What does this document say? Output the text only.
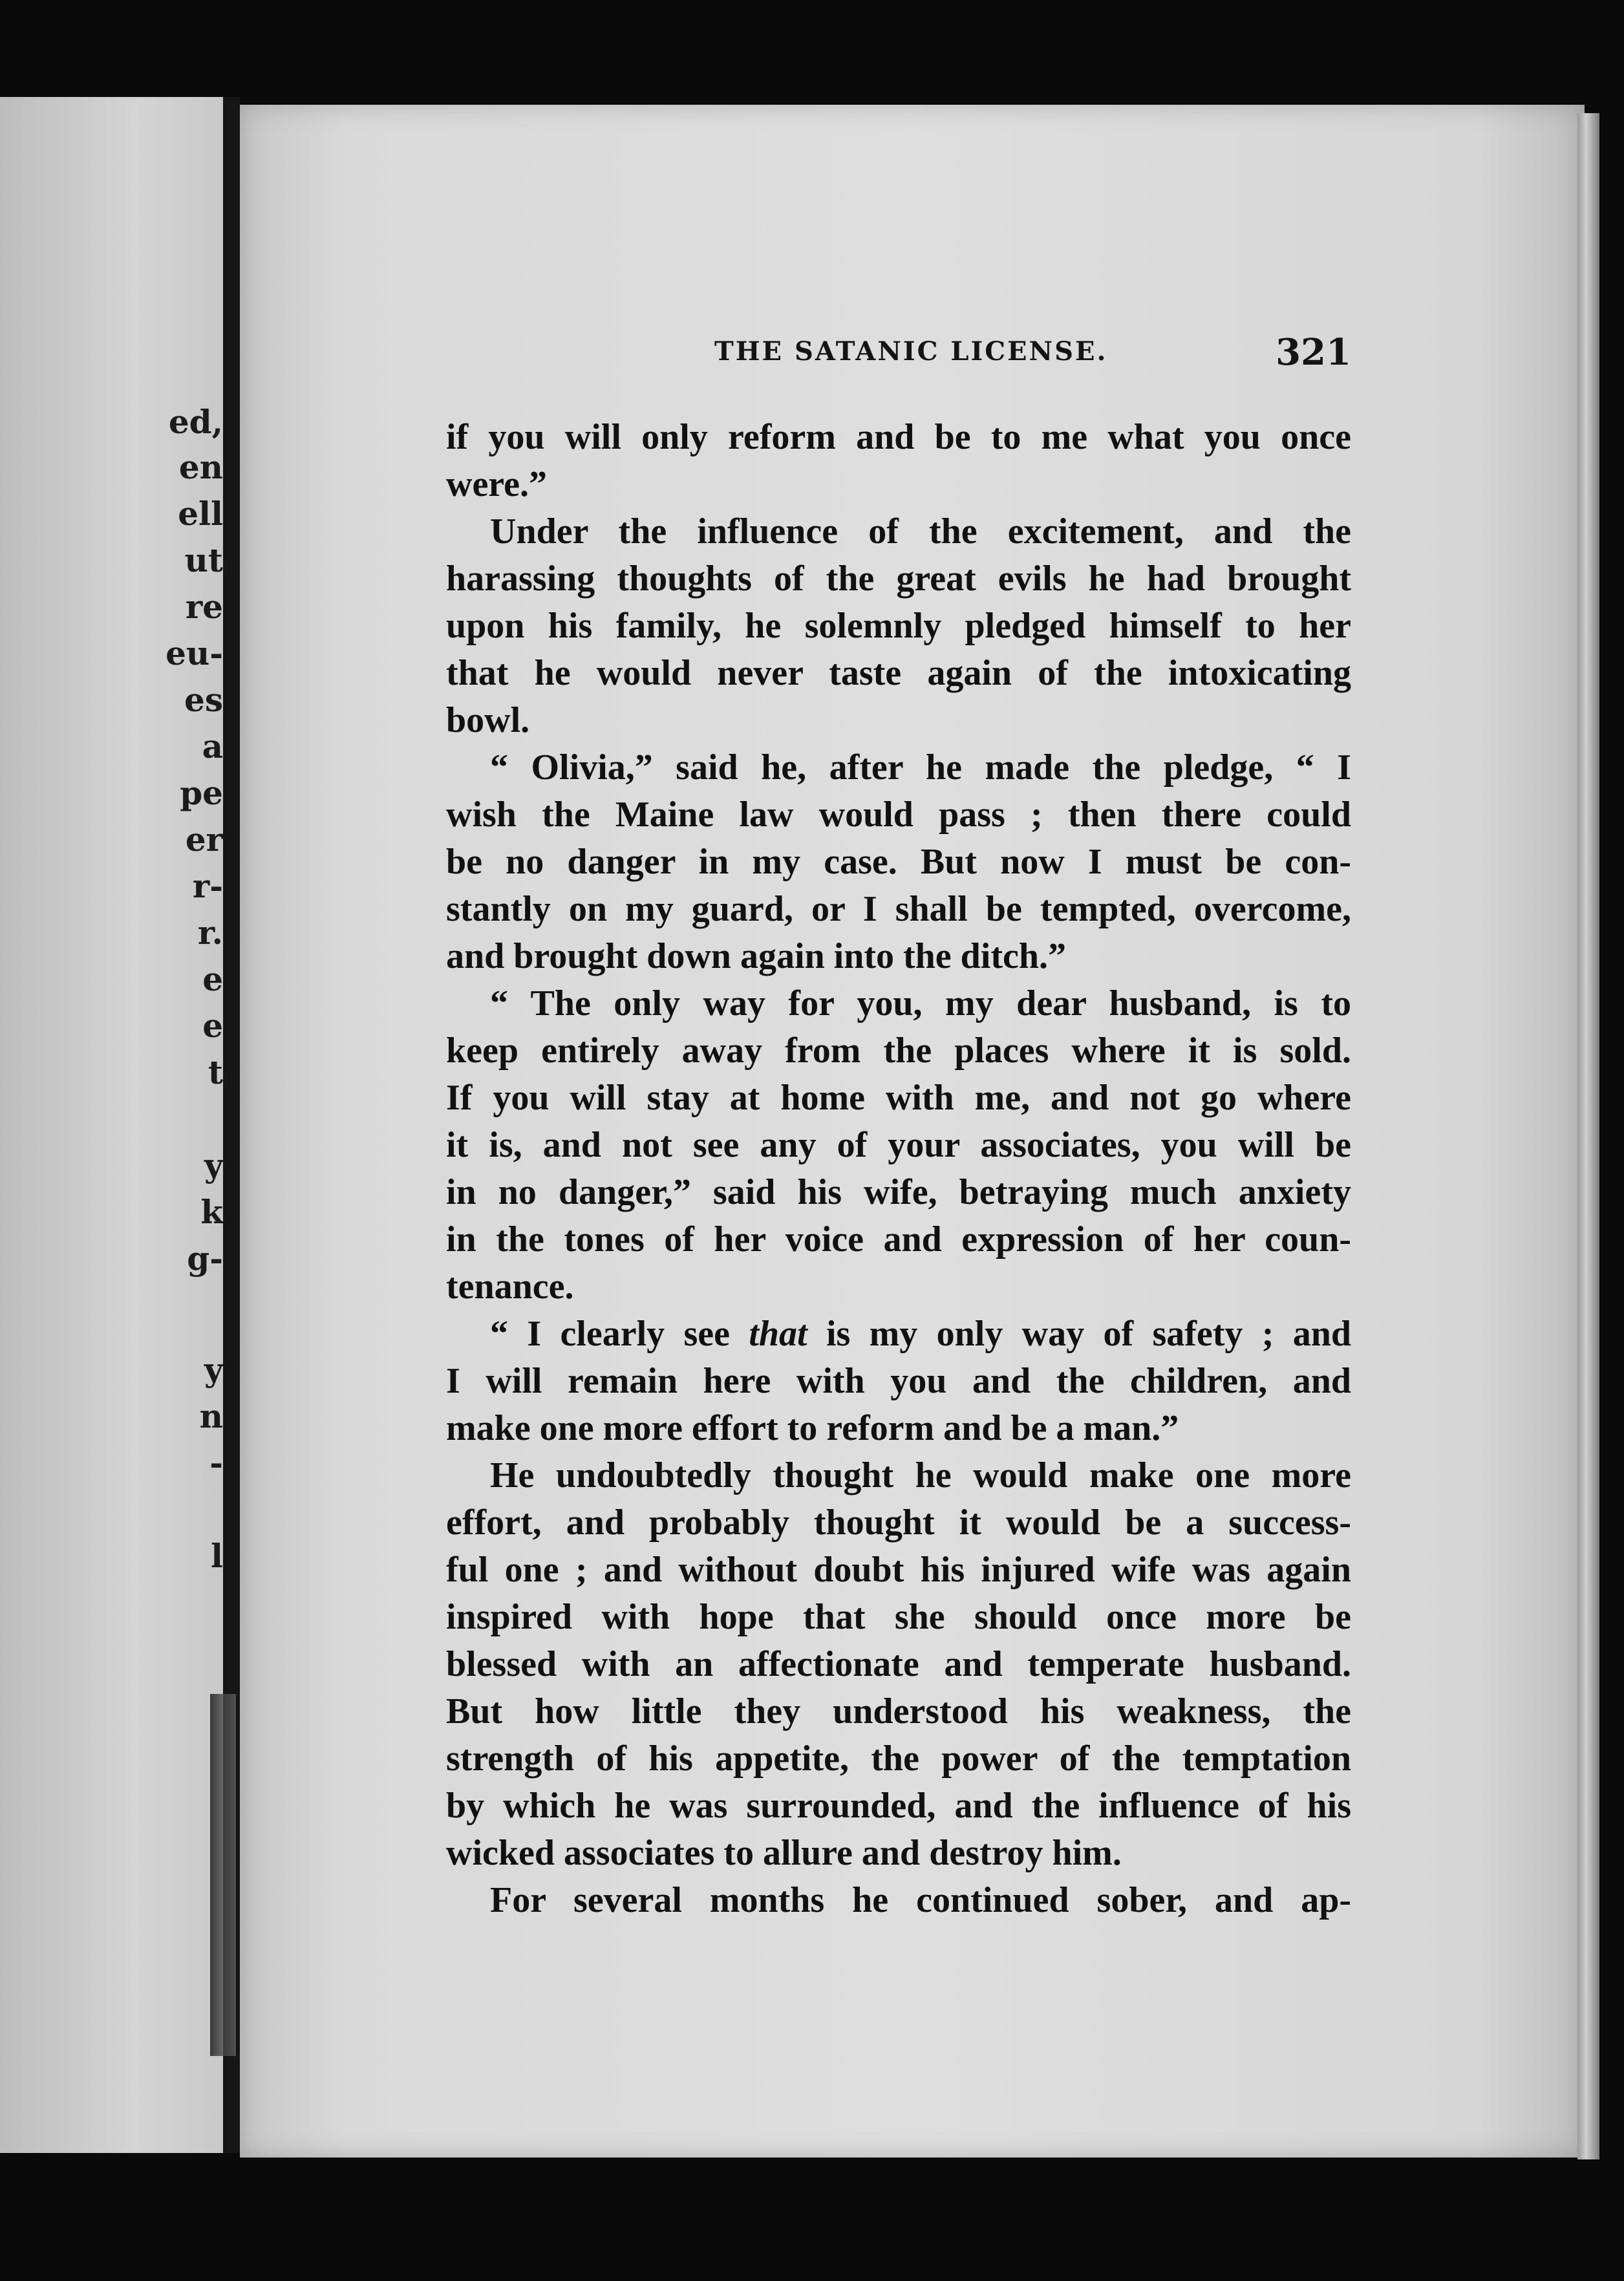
ed,
en
ell
ut
re
eu-
es
a
pe
er
r-
r.
e
e
t
y
k
g-
y
n
-
l
THE SATANIC LICENSE.	321
if you will only reform and be to me what you once
were.”
Under the influence of the excitement, and the
harassing thoughts of the great evils he had brought
upon his family, he solemnly pledged himself to her
that he would never taste again of the intoxicating
bowl.
“ Olivia,” said he, after he made the pledge, “ I
wish the Maine law would pass ; then there could
be no danger in my case. But now I must be con-
stantly on my guard, or I shall be tempted, overcome,
and brought down again into the ditch.”
“ The only way for you, my dear husband, is to
keep entirely away from the places where it is sold.
If you will stay at home with me, and not go where
it is, and not see any of your associates, you will be
in no danger,” said his wife, betraying much anxiety
in the tones of her voice and expression of her coun-
tenance.
“ I clearly see that is my only way of safety ; and
I will remain here with you and the children, and
make one more effort to reform and be a man.”
He undoubtedly thought he would make one more
effort, and probably thought it would be a success-
ful one ; and without doubt his injured wife was again
inspired with hope that she should once more be
blessed with an affectionate and temperate husband.
But how little they understood his weakness, the
strength of his appetite, the power of the temptation
by which he was surrounded, and the influence of his
wicked associates to allure and destroy him.
For several months he continued sober, and ap-
